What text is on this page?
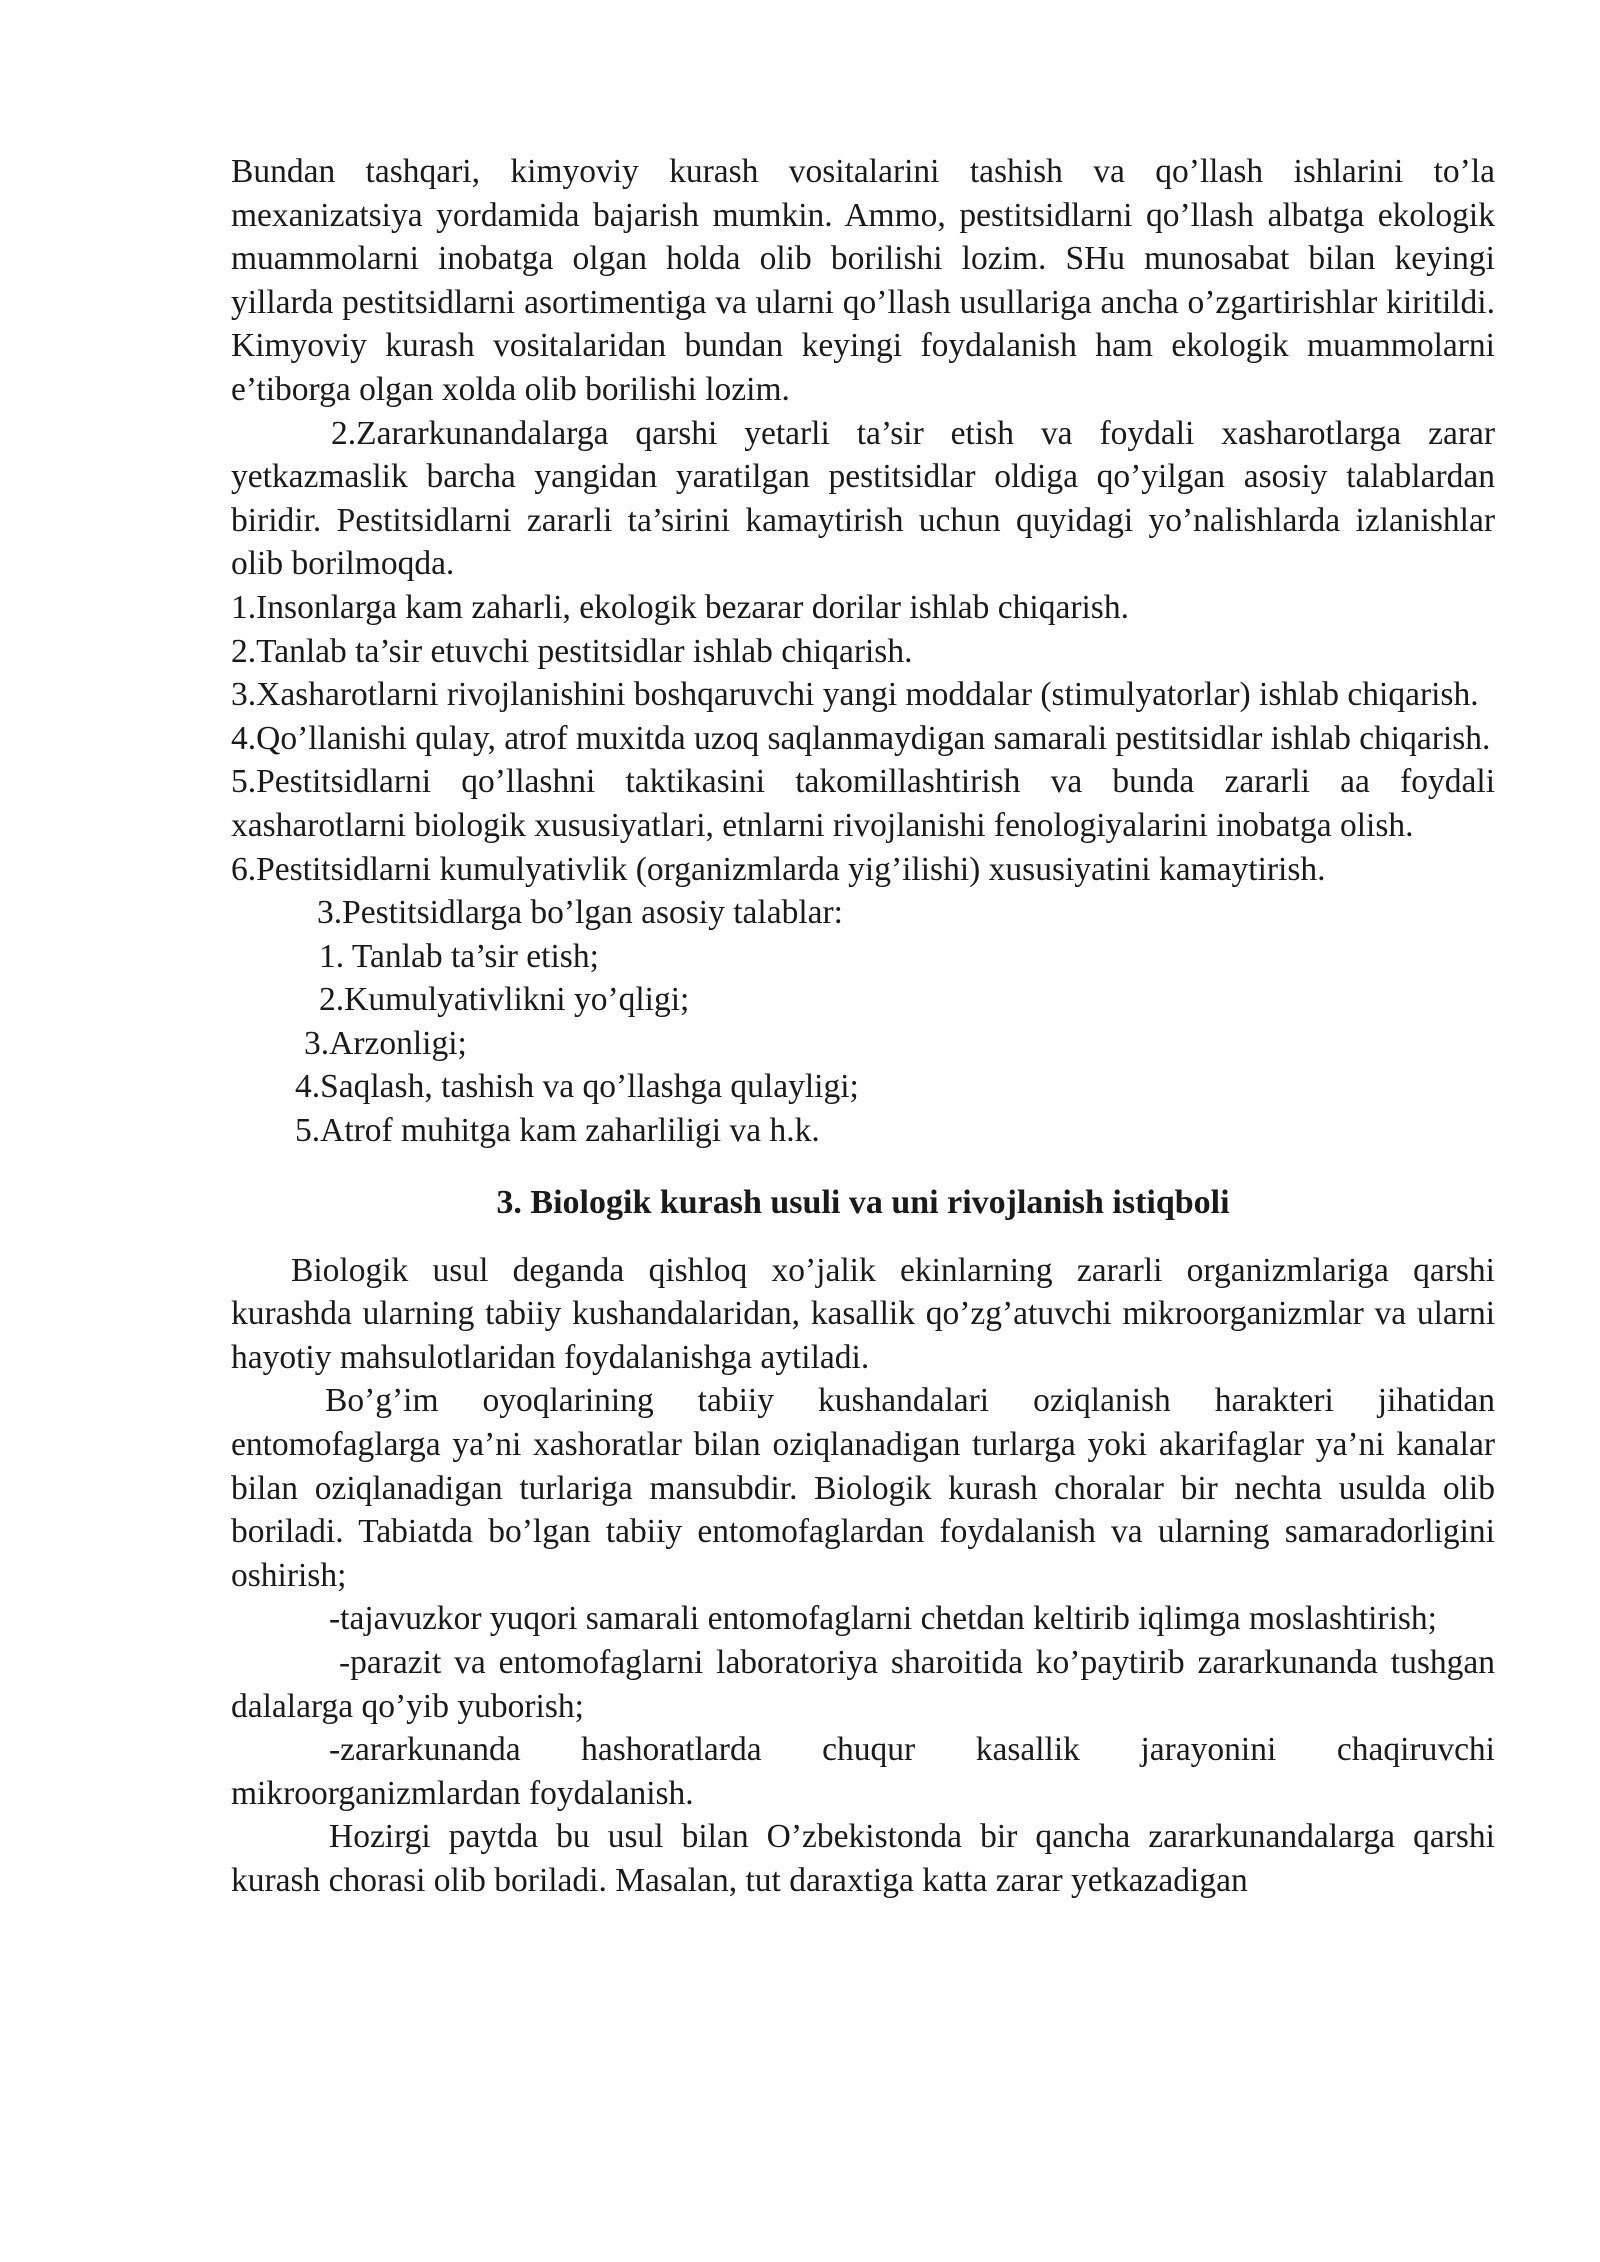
Bundan tashqari, kimyoviy kurash vositalarini tashish va qo’llash ishlarini to’la mexanizatsiya yordamida bajarish mumkin. Ammo, pestitsidlarni qo’llash albatga ekologik muammolarni inobatga olgan holda olib borilishi lozim. SHu munosabat bilan keyingi yillarda pestitsidlarni asortimentiga va ularni qo’llash usullariga ancha o’zgartirishlar kiritildi. Kimyoviy kurash vositalaridan bundan keyingi foydalanish ham ekologik muammolarni e’tiborga olgan xolda olib borilishi lozim.

2.Zararkunandalarga qarshi yetarli ta’sir etish va foydali xasharotlarga zarar yetkazmaslik barcha yangidan yaratilgan pestitsidlar oldiga qo’yilgan asosiy talablardan biridir. Pestitsidlarni zararli ta’sirini kamaytirish uchun quyidagi yo’nalishlarda izlanishlar olib borilmoqda.

1.Insonlarga kam zaharli, ekologik bezarar dorilar ishlab chiqarish.

2.Tanlab ta’sir etuvchi pestitsidlar ishlab chiqarish.

3.Xasharotlarni rivojlanishini boshqaruvchi yangi moddalar (stimulyatorlar) ishlab chiqarish.

4.Qo’llanishi qulay, atrof muxitda uzoq saqlanmaydigan samarali pestitsidlar ishlab chiqarish.

5.Pestitsidlarni qo’llashni taktikasini takomillashtirish va bunda zararli aa foydali xasharotlarni biologik xususiyatlari, etnlarni rivojlanishi fenologiyalarini inobatga olish.

6.Pestitsidlarni kumulyativlik (organizmlarda yig’ilishi) xususiyatini kamaytirish.

3.Pestitsidlarga bo’lgan asosiy talablar:

1. Tanlab ta’sir etish;

2.Kumulyativlikni yo’qligi;

3.Arzonligi;

4.Saqlash, tashish va qo’llashga qulayligi;

5.Atrof muhitga kam zaharliligi va h.k.

3. Biologik kurash usuli va uni rivojlanish istiqboli

Biologik usul deganda qishloq xo’jalik ekinlarning zararli organizmlariga qarshi kurashda ularning tabiiy kushandalaridan, kasallik qo’zg’atuvchi mikroorganizmlar va ularni hayotiy mahsulotlaridan foydalanishga aytiladi.

Bo’g’im oyoqlarining tabiiy kushandalari oziqlanish harakteri jihatidan entomofaglarga ya’ni xashoratlar bilan oziqlanadigan turlarga yoki akarifaglar ya’ni kanalar bilan oziqlanadigan turlariga mansubdir. Biologik kurash choralar bir nechta usulda olib boriladi. Tabiatda bo’lgan tabiiy entomofaglardan foydalanish va ularning samaradorligini oshirish;

-tajavuzkor yuqori samarali entomofaglarni chetdan keltirib iqlimga moslashtirish;

-parazit va entomofaglarni laboratoriya sharoitida ko’paytirib zararkunanda tushgan dalalarga qo’yib yuborish;

-zararkunanda hashoratlarda chuqur kasallik jarayonini chaqiruvchi mikroorganizmlardan foydalanish.

Hozirgi paytda bu usul bilan O’zbekistonda bir qancha zararkunandalarga qarshi kurash chorasi olib boriladi. Masalan, tut daraxtiga katta zarar yetkazadigan
